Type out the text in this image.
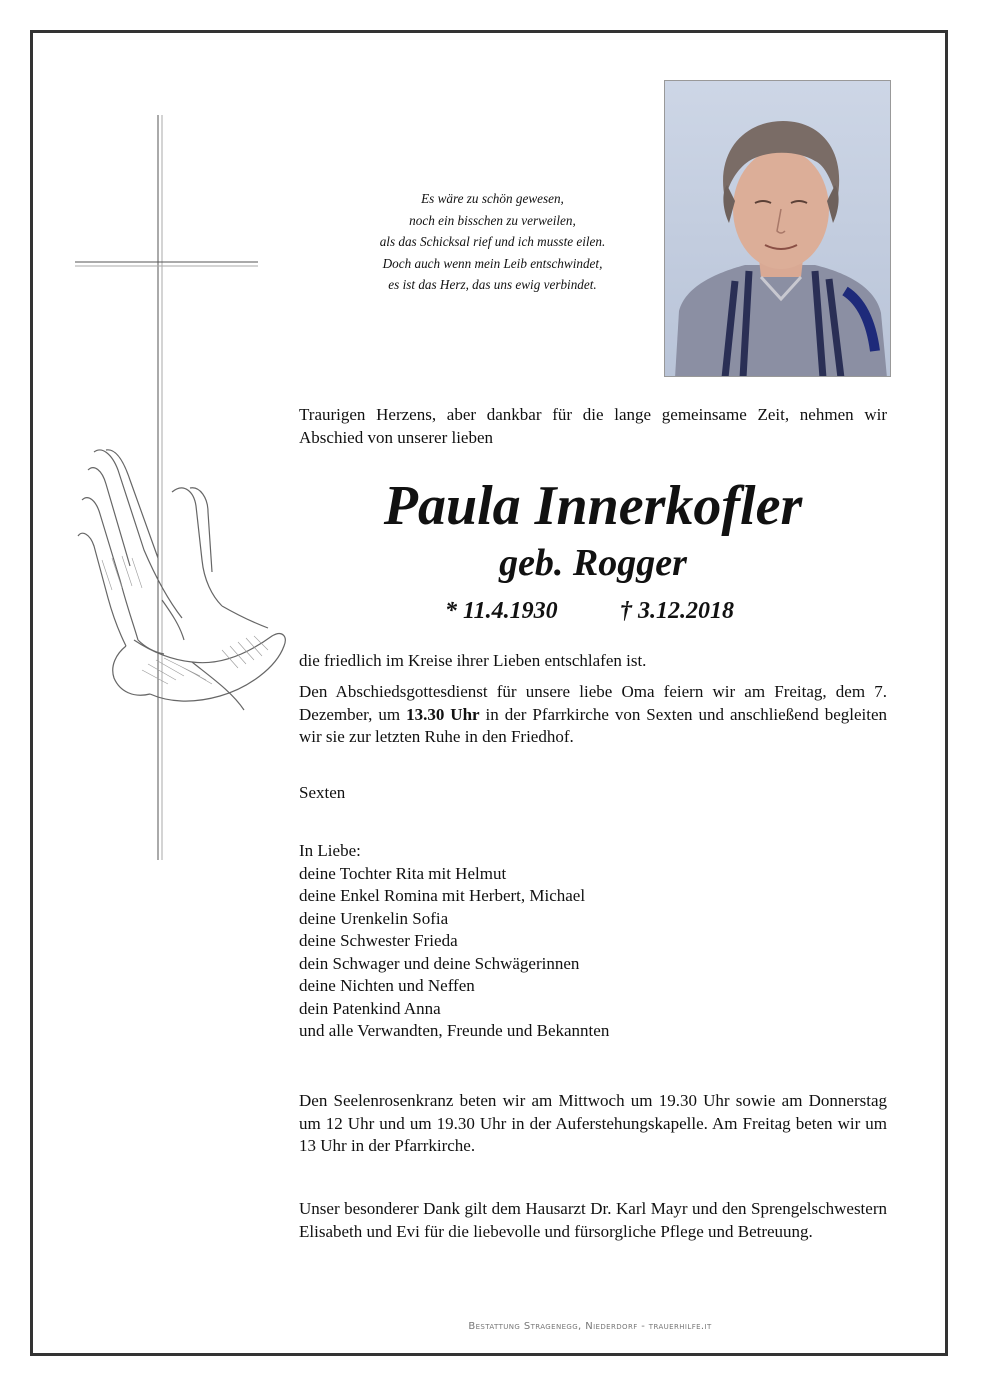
Es wäre zu schön gewesen,
noch ein bisschen zu verweilen,
als das Schicksal rief und ich musste eilen.
Doch auch wenn mein Leib entschwindet,
es ist das Herz, das uns ewig verbindet.
Traurigen Herzens, aber dankbar für die lange gemeinsame Zeit, nehmen wir Abschied von unserer lieben
Paula Innerkofler
geb. Rogger
* 11.4.1930	† 3.12.2018
die friedlich im Kreise ihrer Lieben entschlafen ist.
Den Abschiedsgottesdienst für unsere liebe Oma feiern wir am Freitag, dem 7. Dezember, um 13.30 Uhr in der Pfarrkirche von Sexten und anschließend begleiten wir sie zur letzten Ruhe in den Friedhof.
Sexten
In Liebe:
deine Tochter Rita mit Helmut
deine Enkel Romina mit Herbert, Michael
deine Urenkelin Sofia
deine Schwester Frieda
dein Schwager und deine Schwägerinnen
deine Nichten und Neffen
dein Patenkind Anna
und alle Verwandten, Freunde und Bekannten
Den Seelenrosenkranz beten wir am Mittwoch um 19.30 Uhr sowie am Donnerstag um 12 Uhr und um 19.30 Uhr in der Auferstehungskapelle. Am Freitag beten wir um 13 Uhr in der Pfarrkirche.
Unser besonderer Dank gilt dem Hausarzt Dr. Karl Mayr und den Sprengelschwestern Elisabeth und Evi für die liebevolle und fürsorgliche Pflege und Betreuung.
Bestattung Stragenegg, Niederdorf - trauerhilfe.it
